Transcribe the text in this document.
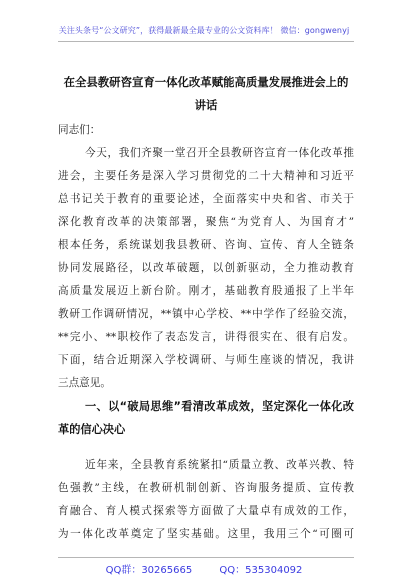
关注头条号“公文研究”，获得最新最全最专业的公文资料库！ 微信：gongwenyj
在全县教研咨宣育一体化改革赋能高质量发展推进会上的
讲话
同志们：
今天，我们齐聚一堂召开全县教研咨宣育一体化改革推
进会，主要任务是深入学习贯彻党的二十大精神和习近平
总书记关于教育的重要论述，全面落实中央和省、市关于
深化教育改革的决策部署，聚焦“为党育人、为国育才”
根本任务，系统谋划我县教研、咨询、宣传、育人全链条
协同发展路径，以改革破题，以创新驱动，全力推动教育
高质量发展迈上新台阶。刚才，基础教育股通报了上半年
教研工作调研情况，**镇中心学校、**中学作了经验交流，
**完小、**职校作了表态发言，讲得很实在、很有启发。
下面，结合近期深入学校调研、与师生座谈的情况，我讲
三点意见。
一、以“破局思维”看清改革成效，坚定深化一体化改
革的信心决心
近年来，全县教育系统紧扣“质量立教、改革兴教、特
色强教”主线，在教研机制创新、咨询服务提质、宣传教
育融合、育人模式探索等方面做了大量卓有成效的工作，
为一体化改革奠定了坚实基础。这里，我用三个“可圈可
QQ群：30265665	QQ：535304092
